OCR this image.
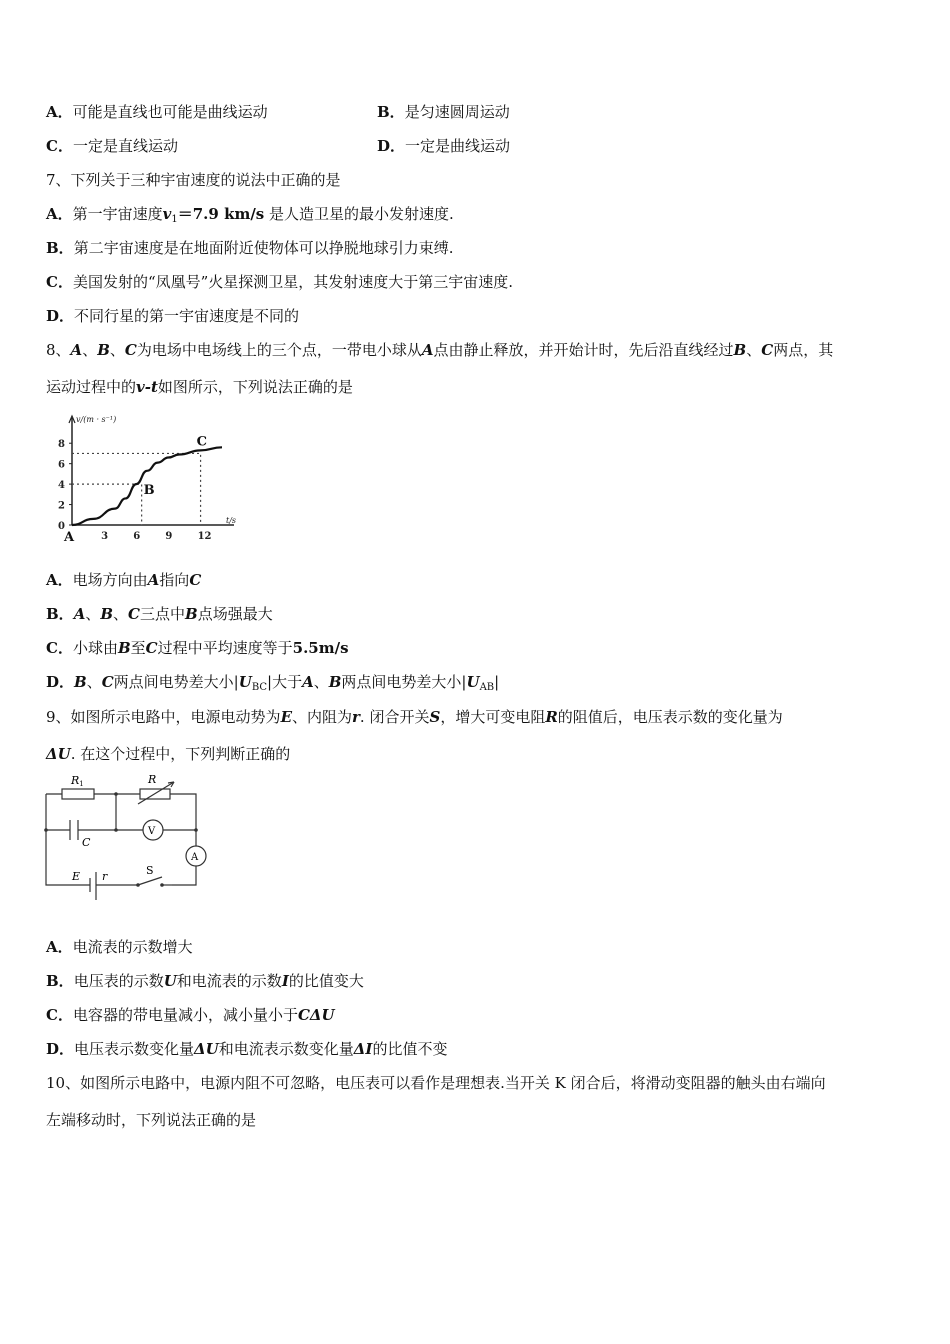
A．可能是直线也可能是曲线运动	B．是匀速圆周运动
C．一定是直线运动	D．一定是曲线运动
7、下列关于三种宇宙速度的说法中正确的是
A．第一宇宙速度$v_1=7.9$ km/s 是人造卫星的最小发射速度.
B．第二宇宙速度是在地面附近使物体可以挣脱地球引力束缚.
C．美国发射的“凤凰号”火星探测卫星，其发射速度大于第三宇宙速度.
D．不同行星的第一宇宙速度是不同的
8、A、B、C为电场中电场线上的三个点，一带电小球从A点由静止释放，并开始计时，先后沿直线经过B、C两点，其
运动过程中的v-t如图所示，下列说法正确的是
v/(m · s⁻¹)
t/s
8
6
4
2
0
3	6	9	12
A
B
C
A．电场方向由A指向C
B．A、B、C三点中B点场强最大
C．小球由B至C过程中平均速度等于5.5m/s
D．B、C两点间电势差大小$|U_{BC}|$大于A、B两点间电势差大小$|U_{AB}|$
9、如图所示电路中，电源电动势为E、内阻为r. 闭合开关S，增大可变电阻R的阻值后，电压表示数的变化量为
ΔU. 在这个过程中，下列判断正确的
R1	R
C
V
A
E r	S
A．电流表的示数增大
B．电压表的示数U和电流表的示数I的比值变大
C．电容器的带电量减小，减小量小于CΔU
D．电压表示数变化量ΔU和电流表示数变化量ΔI的比值不变
10、如图所示电路中，电源内阻不可忽略，电压表可以看作是理想表.当开关 K 闭合后，将滑动变阻器的触头由右端向
左端移动时，下列说法正确的是
